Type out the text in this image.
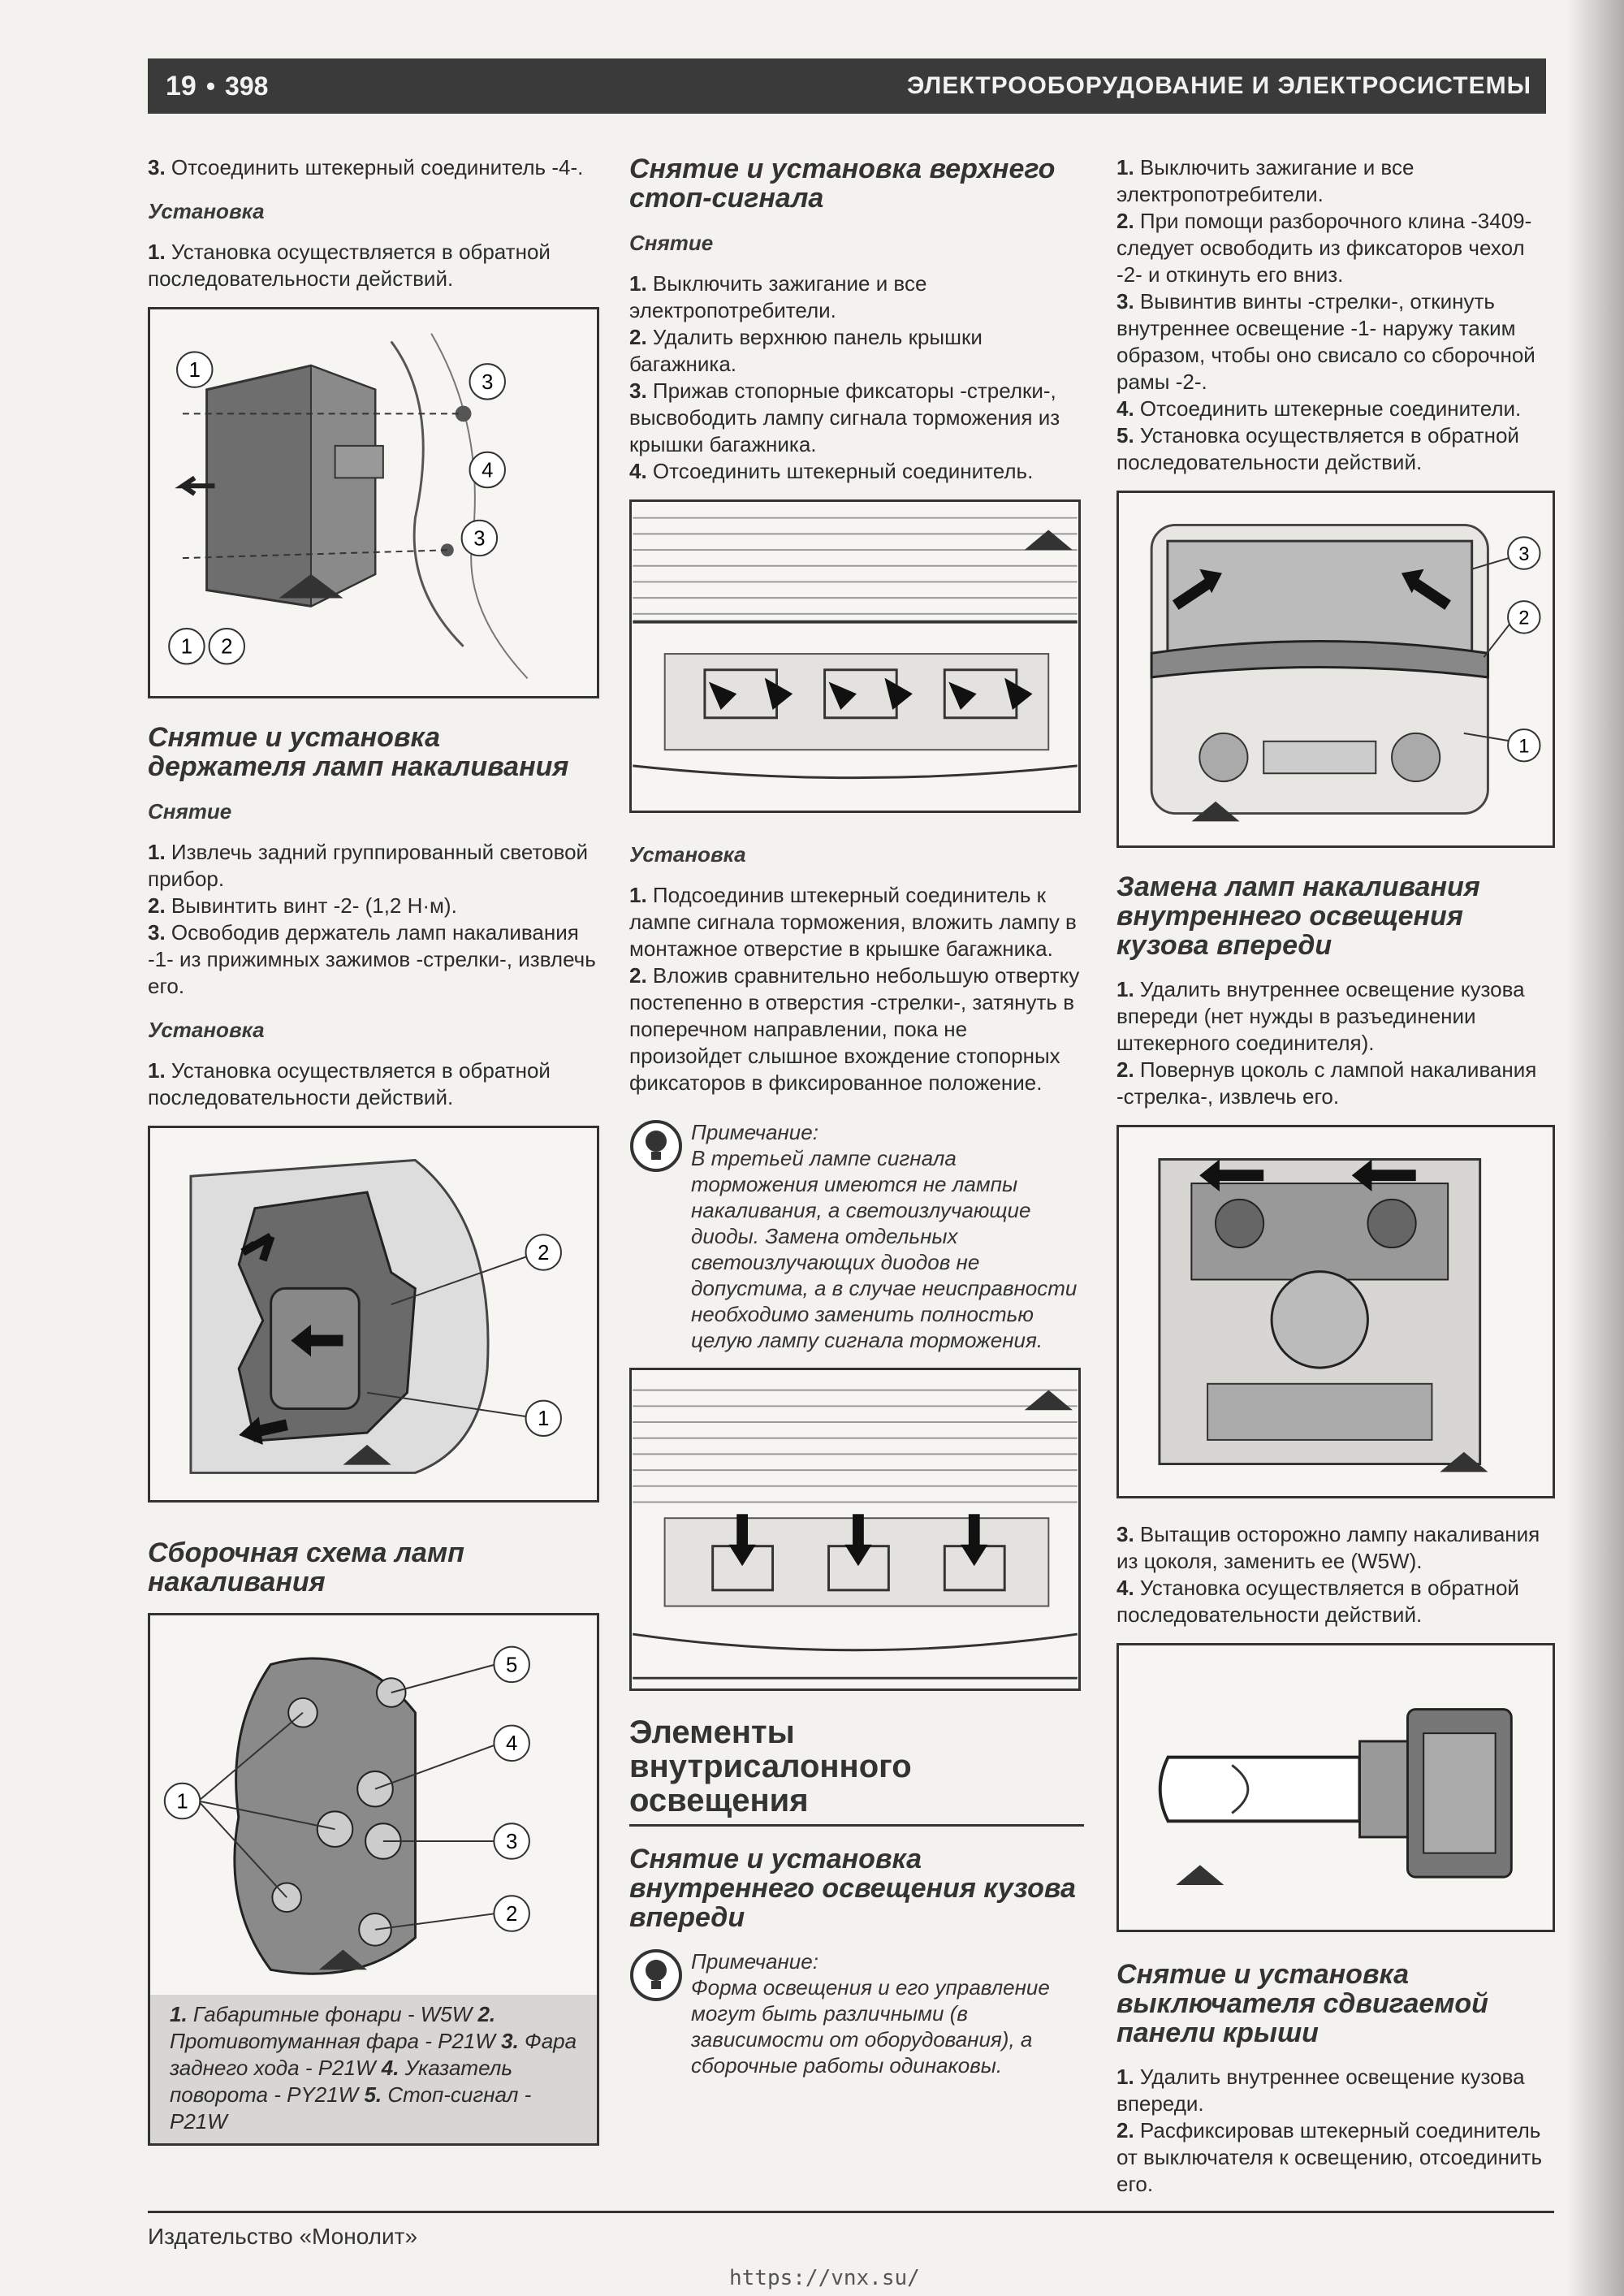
19 • 398	ЭЛЕКТРООБОРУДОВАНИЕ И ЭЛЕКТРОСИСТЕМЫ

3. Отсоединить штекерный соединитель -4-.

Установка

1. Установка осуществляется в обратной последовательности действий.

1
1 2
3
4
3
Снятие и установка держателя ламп накаливания
Снятие

1. Извлечь задний группированный световой прибор.

2. Вывинтить винт -2- (1,2 Н·м).

3. Освободив держатель ламп накаливания -1- из прижимных зажимов -стрелки-, извлечь его.

Установка

1. Установка осуществляется в обратной последовательности действий.

2
1
Сборочная схема ламп накаливания
5
4
1
3
2
1. Габаритные фонари - W5W 2. Противотуманная фара - P21W 3. Фара заднего хода - P21W 4. Указатель поворота - PY21W 5. Стоп-сигнал - P21W
Снятие и установка верхнего стоп-сигнала
Снятие

1. Выключить зажигание и все электропотребители.

2. Удалить верхнюю панель крышки багажника.

3. Прижав стопорные фиксаторы -стрелки-, высвободить лампу сигнала торможения из крышки багажника.

4. Отсоединить штекерный соединитель.

Установка

1. Подсоединив штекерный соединитель к лампе сигнала торможения, вложить лампу в монтажное отверстие в крышке багажника.

2. Вложив сравнительно небольшую отвертку постепенно в отверстия -стрелки-, затянуть в поперечном направлении, пока не произойдет слышное вхождение стопорных фиксаторов в фиксированное положение.

Примечание:
В третьей лампе сигнала торможения имеются не лампы накаливания, а светоизлучающие диоды. Замена отдельных светоизлучающих диодов не допустима, а в случае неисправности необходимо заменить полностью целую лампу сигнала торможения.
Элементы внутрисалонного освещения
Снятие и установка внутреннего освещения кузова впереди
Примечание:
Форма освещения и его управление могут быть различными (в зависимости от оборудования), а сборочные работы одинаковы.

1. Выключить зажигание и все электропотребители.

2. При помощи разборочного клина -3409- следует освободить из фиксаторов чехол -2- и откинуть его вниз.

3. Вывинтив винты -стрелки-, откинуть внутреннее освещение -1- наружу таким образом, чтобы оно свисало со сборочной рамы -2-.

4. Отсоединить штекерные соединители.

5. Установка осуществляется в обратной последовательности действий.

3
2
1
Замена ламп накаливания внутреннего освещения кузова впереди

1. Удалить внутреннее освещение кузова впереди (нет нужды в разъединении штекерного соединителя).

2. Повернув цоколь с лампой накаливания -стрелка-, извлечь его.

3. Вытащив осторожно лампу накаливания из цоколя, заменить ее (W5W).

4. Установка осуществляется в обратной последовательности действий.

Снятие и установка выключателя сдвигаемой панели крыши

1. Удалить внутреннее освещение кузова впереди.

2. Расфиксировав штекерный соединитель от выключателя к освещению, отсоединить его.

Издательство «Монолит»
https://vnx.su/
